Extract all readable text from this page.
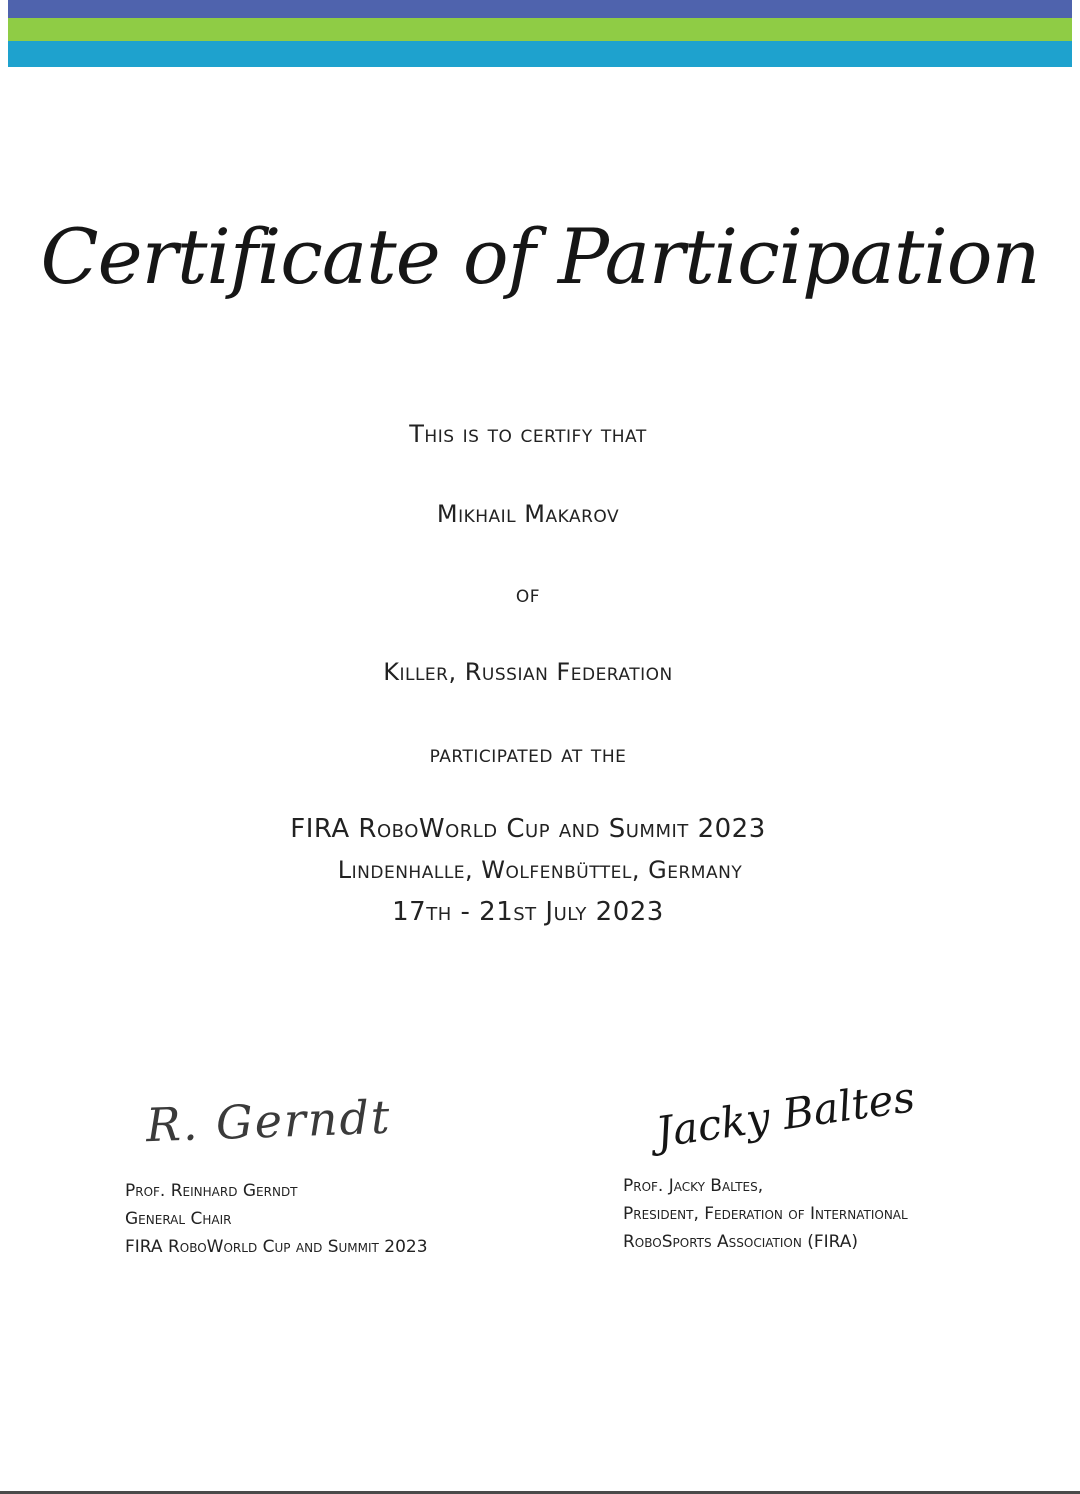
Certificate of Participation
This is to certify that
Mikhail Makarov
of
Killer, Russian Federation
participated at the
FIRA RoboWorld Cup and Summit 2023
Lindenhalle, Wolfenbüttel, Germany
17th - 21st July 2023
R. Gerndt	Jacky Baltes
Prof. Reinhard Gerndt
General Chair
FIRA RoboWorld Cup and Summit 2023
Prof. Jacky Baltes,
President, Federation of International
RoboSports Association (FIRA)
